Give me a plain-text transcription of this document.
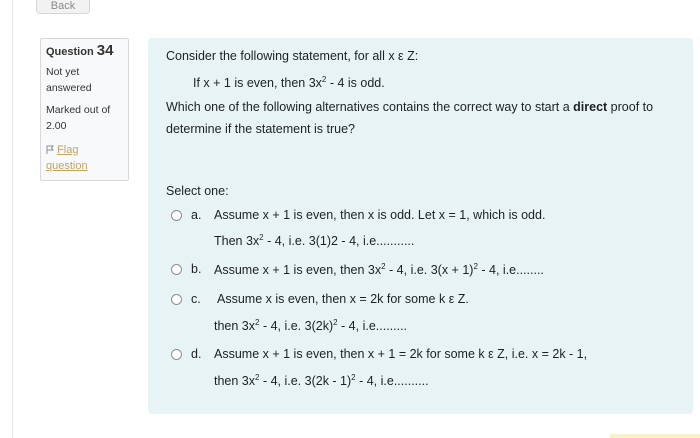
Back
Question 34
Not yet answered
Marked out of 2.00
Flag question
Consider the following statement, for all x ε Z:
If x + 1 is even, then $3x^2 - 4$ is odd.
Which one of the following alternatives contains the correct way to start a direct proof to
determine if the statement is true?
Select one:
a. Assume x + 1 is even, then x is odd. Let x = 1, which is odd.
Then $3x^2 - 4$, i.e. 3(1)2 - 4, i.e...........
b. Assume x + 1 is even, then $3x^2 - 4$, i.e. $3(x + 1)^2 - 4$, i.e........
c. Assume x is even, then x = 2k for some k ε Z.
then $3x^2 - 4$, i.e. $3(2k)^2 - 4$, i.e.........
d. Assume x + 1 is even, then x + 1 = 2k for some k ε Z, i.e. x = 2k - 1,
then $3x^2 - 4$, i.e. 3(2k - 1)$^2$ - 4, i.e..........
